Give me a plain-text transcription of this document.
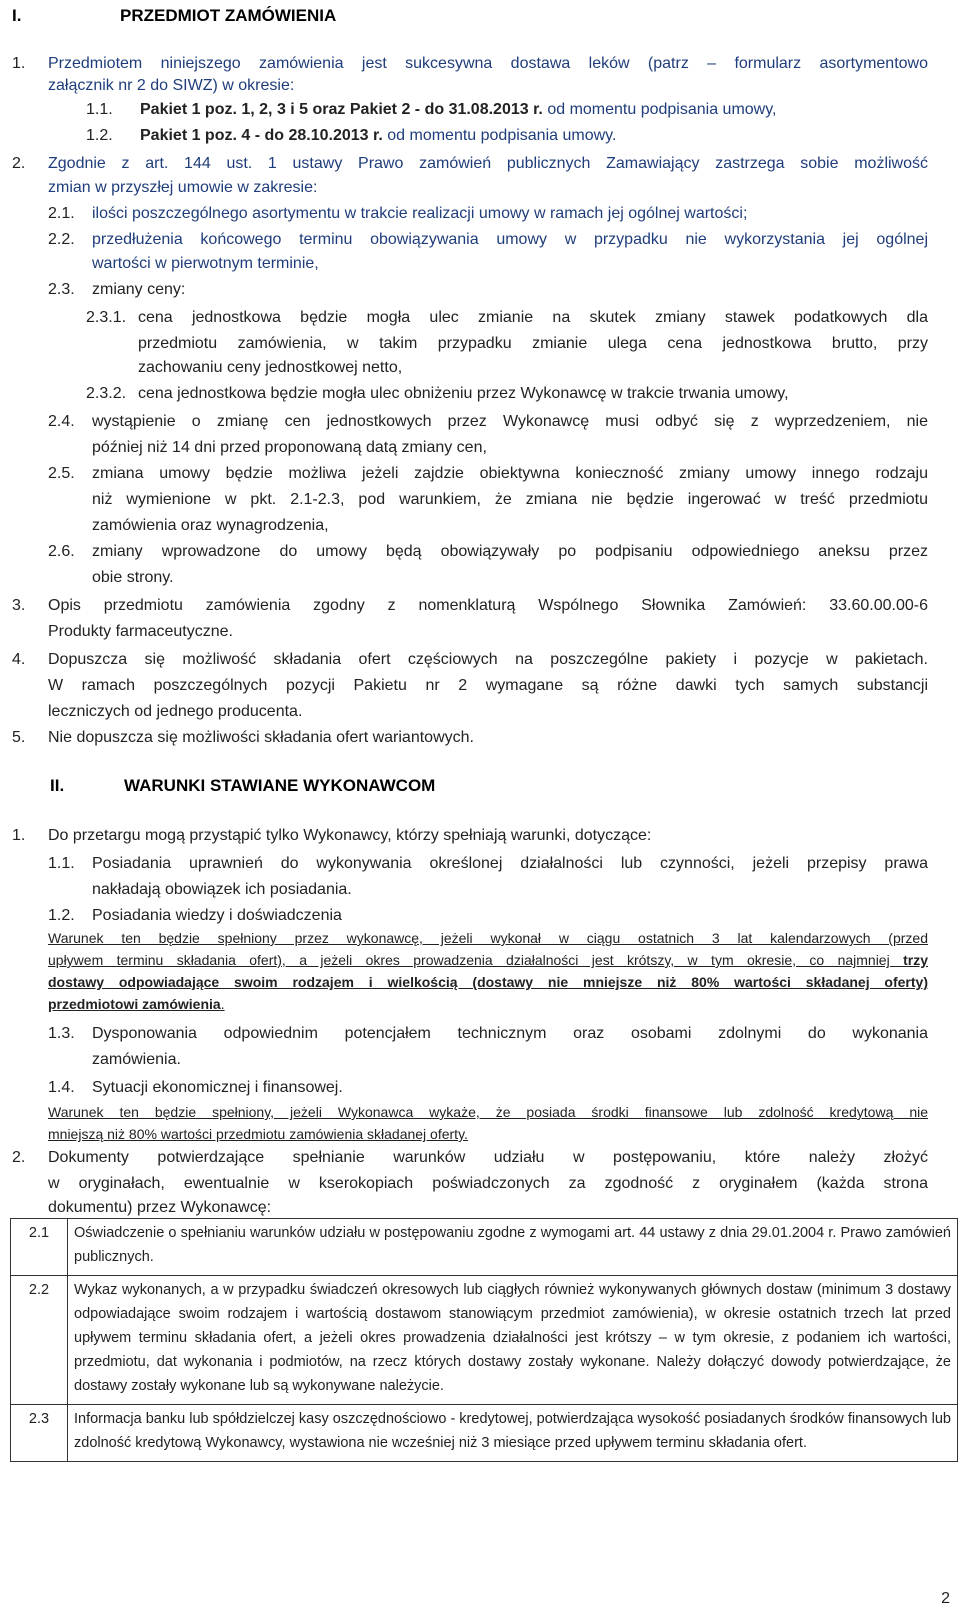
I.	PRZEDMIOT ZAMÓWIENIA
1. Przedmiotem niniejszego zamówienia jest sukcesywna dostawa leków (patrz – formularz asortymentowo
załącznik nr 2 do SIWZ) w okresie:
1.1. Pakiet 1 poz. 1, 2, 3 i 5 oraz Pakiet 2 - do 31.08.2013 r. od momentu podpisania umowy,
1.2. Pakiet 1 poz. 4 - do 28.10.2013 r. od momentu podpisania umowy.
2. Zgodnie z art. 144 ust. 1 ustawy Prawo zamówień publicznych Zamawiający zastrzega sobie możliwość
zmian w przyszłej umowie w zakresie:
2.1. ilości poszczególnego asortymentu w trakcie realizacji umowy w ramach jej ogólnej wartości;
2.2. przedłużenia końcowego terminu obowiązywania umowy w przypadku nie wykorzystania jej ogólnej
wartości w pierwotnym terminie,
2.3. zmiany ceny:
2.3.1. cena jednostkowa będzie mogła ulec zmianie na skutek zmiany stawek podatkowych dla
przedmiotu zamówienia, w takim przypadku zmianie ulega cena jednostkowa brutto, przy
zachowaniu ceny jednostkowej netto,
2.3.2. cena jednostkowa będzie mogła ulec obniżeniu przez Wykonawcę w trakcie trwania umowy,
2.4. wystąpienie o zmianę cen jednostkowych przez Wykonawcę musi odbyć się z wyprzedzeniem, nie
później niż 14 dni przed proponowaną datą zmiany cen,
2.5. zmiana umowy będzie możliwa jeżeli zajdzie obiektywna konieczność zmiany umowy innego rodzaju
niż wymienione w pkt. 2.1-2.3, pod warunkiem, że zmiana nie będzie ingerować w treść przedmiotu
zamówienia oraz wynagrodzenia,
2.6. zmiany wprowadzone do umowy będą obowiązywały po podpisaniu odpowiedniego aneksu przez
obie strony.
3. Opis przedmiotu zamówienia zgodny z nomenklaturą Wspólnego Słownika Zamówień: 33.60.00.00-6
Produkty farmaceutyczne.
4. Dopuszcza się możliwość składania ofert częściowych na poszczególne pakiety i pozycje w pakietach.
W ramach poszczególnych pozycji Pakietu nr 2 wymagane są różne dawki tych samych substancji
leczniczych od jednego producenta.
5. Nie dopuszcza się możliwości składania ofert wariantowych.
II.	WARUNKI STAWIANE WYKONAWCOM
1. Do przetargu mogą przystąpić tylko Wykonawcy, którzy spełniają warunki, dotyczące:
1.1. Posiadania uprawnień do wykonywania określonej działalności lub czynności, jeżeli przepisy prawa
nakładają obowiązek ich posiadania.
1.2. Posiadania wiedzy i doświadczenia
Warunek ten będzie spełniony przez wykonawcę, jeżeli wykonał w ciągu ostatnich 3 lat kalendarzowych (przed
upływem terminu składania ofert), a jeżeli okres prowadzenia działalności jest krótszy, w tym okresie, co najmniej trzy
dostawy odpowiadające swoim rodzajem i wielkością (dostawy nie mniejsze niż 80% wartości składanej oferty)
przedmiotowi zamówienia.
1.3. Dysponowania odpowiednim potencjałem technicznym oraz osobami zdolnymi do wykonania
zamówienia.
1.4. Sytuacji ekonomicznej i finansowej.
Warunek ten będzie spełniony, jeżeli Wykonawca wykaże, że posiada środki finansowe lub zdolność kredytową nie
mniejszą niż 80% wartości przedmiotu zamówienia składanej oferty.
2. Dokumenty potwierdzające spełnianie warunków udziału w postępowaniu, które należy złożyć
w oryginałach, ewentualnie w kserokopiach poświadczonych za zgodność z oryginałem (każda strona
dokumentu) przez Wykonawcę:
2.1	Oświadczenie o spełnianiu warunków udziału w postępowaniu zgodne z wymogami art. 44 ustawy z dnia 29.01.2004 r. Prawo zamówień publicznych.
2.2	Wykaz wykonanych, a w przypadku świadczeń okresowych lub ciągłych również wykonywanych głównych dostaw (minimum 3 dostawy odpowiadające swoim rodzajem i wartością dostawom stanowiącym przedmiot zamówienia), w okresie ostatnich trzech lat przed upływem terminu składania ofert, a jeżeli okres prowadzenia działalności jest krótszy – w tym okresie, z podaniem ich wartości, przedmiotu, dat wykonania i podmiotów, na rzecz których dostawy zostały wykonane. Należy dołączyć dowody potwierdzające, że dostawy zostały wykonane lub są wykonywane należycie.
2.3	Informacja banku lub spółdzielczej kasy oszczędnościowo - kredytowej, potwierdzająca wysokość posiadanych środków finansowych lub zdolność kredytową Wykonawcy, wystawiona nie wcześniej niż 3 miesiące przed upływem terminu składania ofert.
2
